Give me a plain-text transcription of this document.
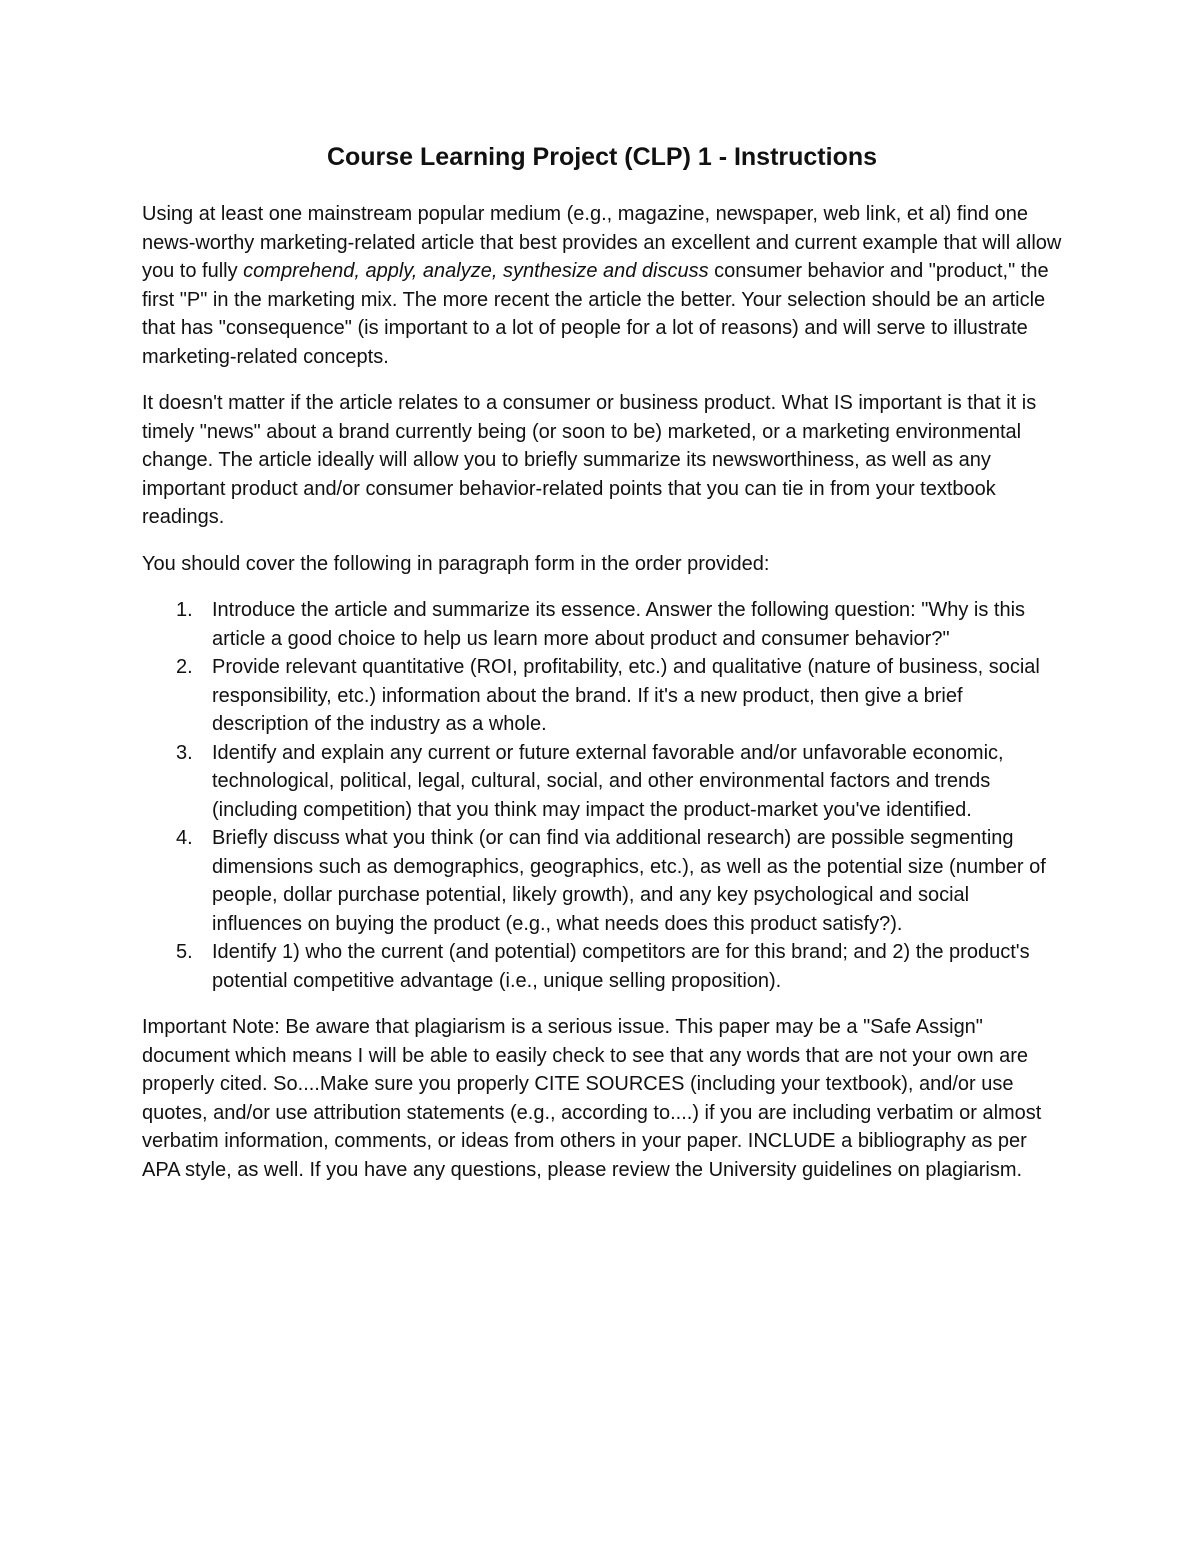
Course Learning Project (CLP) 1 - Instructions

Using at least one mainstream popular medium (e.g., magazine, newspaper, web link, et al) find one news-worthy marketing-related article that best provides an excellent and current example that will allow you to fully comprehend, apply, analyze, synthesize and discuss consumer behavior and "product," the first "P" in the marketing mix. The more recent the article the better. Your selection should be an article that has "consequence" (is important to a lot of people for a lot of reasons) and will serve to illustrate marketing-related concepts.

It doesn't matter if the article relates to a consumer or business product. What IS important is that it is timely "news" about a brand currently being (or soon to be) marketed, or a marketing environmental change. The article ideally will allow you to briefly summarize its newsworthiness, as well as any important product and/or consumer behavior-related points that you can tie in from your textbook readings.

You should cover the following in paragraph form in the order provided:

1. Introduce the article and summarize its essence. Answer the following question: "Why is this article a good choice to help us learn more about product and consumer behavior?"
2. Provide relevant quantitative (ROI, profitability, etc.) and qualitative (nature of business, social responsibility, etc.) information about the brand. If it's a new product, then give a brief description of the industry as a whole.
3. Identify and explain any current or future external favorable and/or unfavorable economic, technological, political, legal, cultural, social, and other environmental factors and trends (including competition) that you think may impact the product-market you've identified.
4. Briefly discuss what you think (or can find via additional research) are possible segmenting dimensions such as demographics, geographics, etc.), as well as the potential size (number of people, dollar purchase potential, likely growth), and any key psychological and social influences on buying the product (e.g., what needs does this product satisfy?).
5. Identify 1) who the current (and potential) competitors are for this brand; and 2) the product's potential competitive advantage (i.e., unique selling proposition).

Important Note: Be aware that plagiarism is a serious issue. This paper may be a "Safe Assign" document which means I will be able to easily check to see that any words that are not your own are properly cited. So....Make sure you properly CITE SOURCES (including your textbook), and/or use quotes, and/or use attribution statements (e.g., according to....) if you are including verbatim or almost verbatim information, comments, or ideas from others in your paper. INCLUDE a bibliography as per APA style, as well. If you have any questions, please review the University guidelines on plagiarism.
